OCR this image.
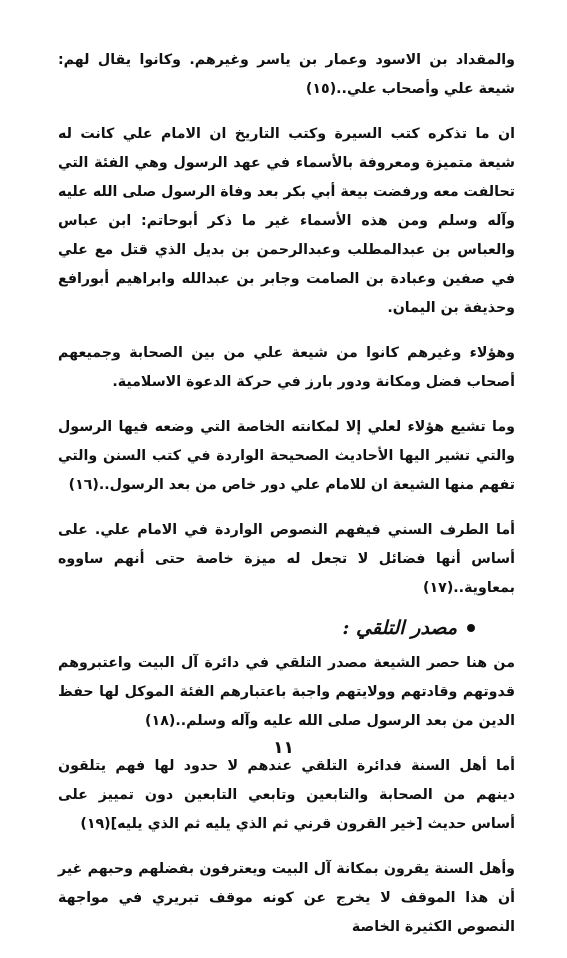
والمقداد بن الاسود وعمار بن ياسر وغيرهم. وكانوا يقال لهم: شيعة علي وأصحاب علي..(١٥)

ان ما تذكره كتب السيرة وكتب التاريخ ان الامام علي كانت له شيعة متميزة ومعروفة بالأسماء في عهد الرسول وهي الفئة التي تحالفت معه ورفضت بيعة أبي بكر بعد وفاة الرسول صلى الله عليه وآله وسلم ومن هذه الأسماء غير ما ذكر أبوحاتم: ابن عباس والعباس بن عبدالمطلب وعبدالرحمن بن بديل الذي قتل مع علي في صفين وعبادة بن الصامت وجابر بن عبدالله وابراهيم أبورافع وحذيفة بن اليمان.

وهؤلاء وغيرهم كانوا من شيعة علي من بين الصحابة وجميعهم أصحاب فضل ومكانة ودور بارز في حركة الدعوة الاسلامية.

وما تشيع هؤلاء لعلي إلا لمكانته الخاصة التي وضعه فيها الرسول والتي تشير اليها الأحاديث الصحيحة الواردة في كتب السنن والتي تفهم منها الشيعة ان للامام علي دور خاص من بعد الرسول..(١٦)

أما الطرف السني فيفهم النصوص الواردة في الامام علي. على أساس أنها فضائل لا تجعل له ميزة خاصة حتى أنهم ساووه بمعاوية..(١٧)

مصدر التلقي :

من هنا حصر الشيعة مصدر التلقي في دائرة آل البيت واعتبروهم قدوتهم وقادتهم وولايتهم واجبة باعتبارهم الفئة الموكل لها حفظ الدين من بعد الرسول صلى الله عليه وآله وسلم..(١٨)

أما أهل السنة فدائرة التلقي عندهم لا حدود لها فهم يتلقون دينهم من الصحابة والتابعين وتابعي التابعين دون تمييز على أساس حديث [خير القرون قرني ثم الذي يليه ثم الذي يليه](١٩)

وأهل السنة يقرون بمكانة آل البيت ويعترفون بفضلهم وحبهم غير أن هذا الموقف لا يخرج عن كونه موقف تبريري في مواجهة النصوص الكثيرة الخاصة

١١
